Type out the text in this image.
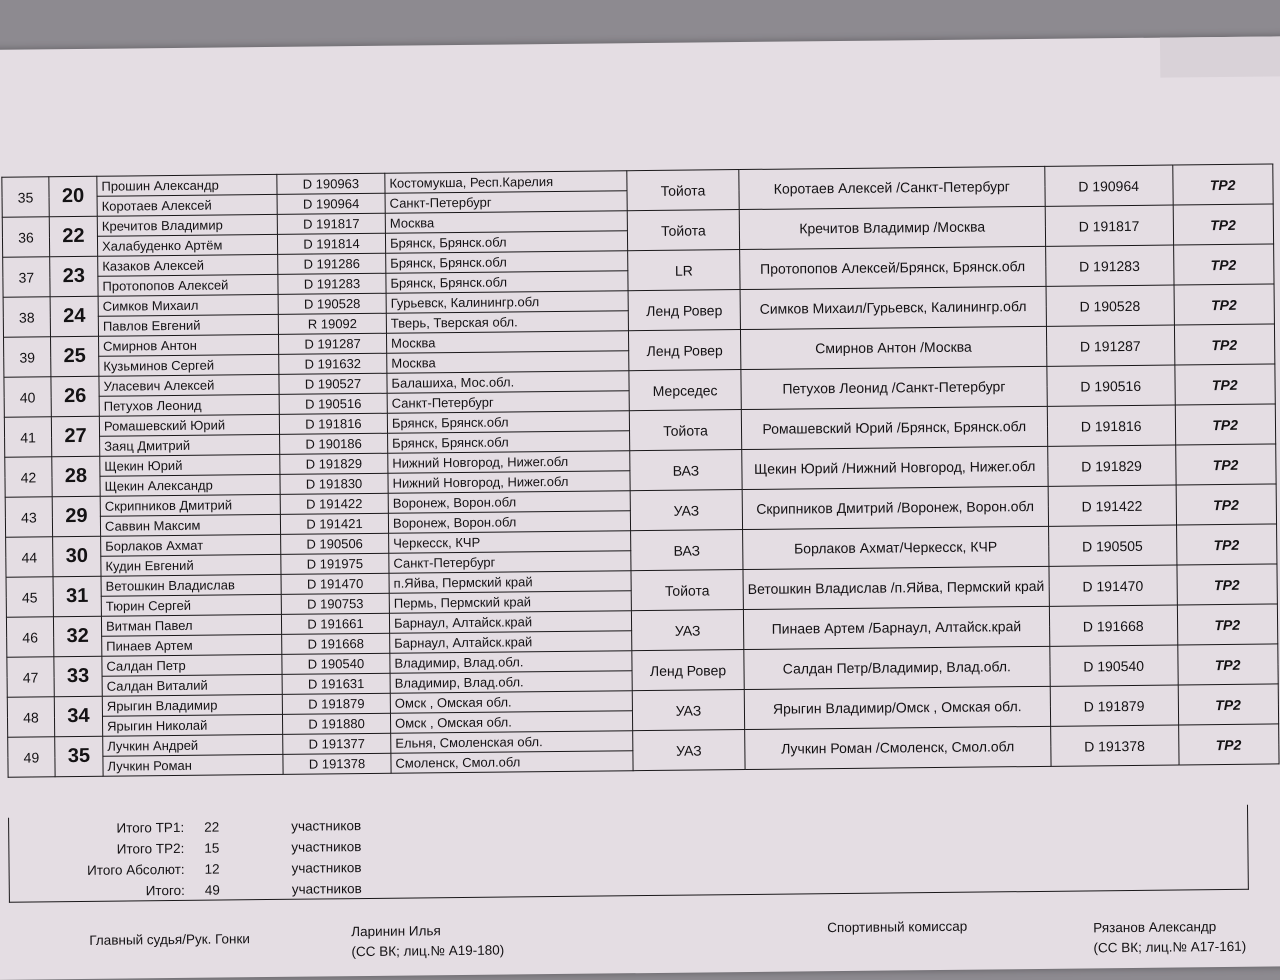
35	20	Прошин Александр	D 190963	Костомукша, Респ.Карелия	Тойота	Коротаев Алексей /Санкт-Петербург	D 190964	ТР2
		Коротаев Алексей	D 190964	Санкт-Петербург				
36	22	Кречитов Владимир	D 191817	Москва	Тойота	Кречитов Владимир /Москва	D 191817	ТР2
		Халабуденко Артём	D 191814	Брянск, Брянск.обл				
37	23	Казаков Алексей	D 191286	Брянск, Брянск.обл	LR	Протопопов Алексей/Брянск, Брянск.обл	D 191283	ТР2
		Протопопов Алексей	D 191283	Брянск, Брянск.обл				
38	24	Симков Михаил	D 190528	Гурьевск, Калинингр.обл	Ленд Ровер	Симков Михаил/Гурьевск, Калинингр.обл	D 190528	ТР2
		Павлов Евгений	R 19092	Тверь, Тверская обл.				
39	25	Смирнов Антон	D 191287	Москва	Ленд Ровер	Смирнов Антон /Москва	D 191287	ТР2
		Кузьминов Сергей	D 191632	Москва				
40	26	Уласевич Алексей	D 190527	Балашиха, Мос.обл.	Мерседес	Петухов Леонид /Санкт-Петербург	D 190516	ТР2
		Петухов Леонид	D 190516	Санкт-Петербург				
41	27	Ромашевский Юрий	D 191816	Брянск, Брянск.обл	Тойота	Ромашевский Юрий /Брянск, Брянск.обл	D 191816	ТР2
		Заяц Дмитрий	D 190186	Брянск, Брянск.обл				
42	28	Щекин Юрий	D 191829	Нижний Новгород, Нижег.обл	ВАЗ	Щекин Юрий /Нижний Новгород, Нижег.обл	D 191829	ТР2
		Щекин Александр	D 191830	Нижний Новгород, Нижег.обл				
43	29	Скрипников Дмитрий	D 191422	Воронеж, Ворон.обл	УАЗ	Скрипников Дмитрий /Воронеж, Ворон.обл	D 191422	ТР2
		Саввин Максим	D 191421	Воронеж, Ворон.обл				
44	30	Борлаков Ахмат	D 190506	Черкесск, КЧР	ВАЗ	Борлаков Ахмат/Черкесск, КЧР	D 190505	ТР2
		Кудин Евгений	D 191975	Санкт-Петербург				
45	31	Ветошкин Владислав	D 191470	п.Яйва, Пермский край	Тойота	Ветошкин Владислав /п.Яйва, Пермский край	D 191470	ТР2
		Тюрин Сергей	D 190753	Пермь, Пермский край				
46	32	Витман Павел	D 191661	Барнаул, Алтайск.край	УАЗ	Пинаев Артем /Барнаул, Алтайск.край	D 191668	ТР2
		Пинаев Артем	D 191668	Барнаул, Алтайск.край				
47	33	Салдан Петр	D 190540	Владимир, Влад.обл.	Ленд Ровер	Салдан Петр/Владимир, Влад.обл.	D 190540	ТР2
		Салдан Виталий	D 191631	Владимир, Влад.обл.				
48	34	Ярыгин Владимир	D 191879	Омск , Омская обл.	УАЗ	Ярыгин Владимир/Омск , Омская обл.	D 191879	ТР2
		Ярыгин Николай	D 191880	Омск , Омская обл.				
49	35	Лучкин Андрей	D 191377	Ельня, Смоленская обл.	УАЗ	Лучкин Роман /Смоленск, Смол.обл	D 191378	ТР2
		Лучкин Роман	D 191378	Смоленск, Смол.обл				
Итого ТР1: 22	участников
Итого ТР2: 15	участников
Итого Абсолют: 12	участников
Итого: 49	участников
Главный судья/Рук. Гонки
Ларинин Илья
(СС ВК; лиц.№ А19-180)
Спортивный комиссар	Рязанов Александр
(СС ВК; лиц.№ А17-161)
